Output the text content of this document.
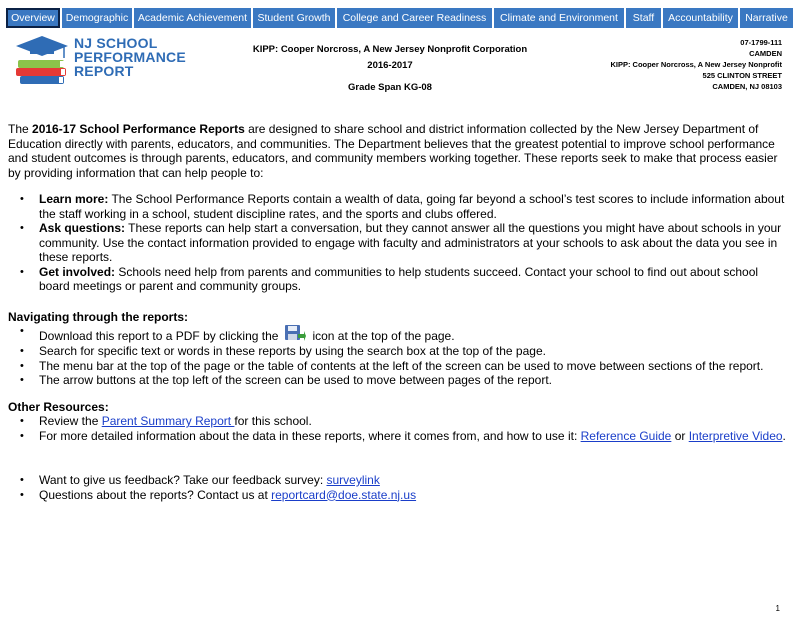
Overview	Demographic Academic Achievement Student Growth	College and Career Readiness	Climate and Environment	Staff	Accountability	Narrative
NJ SCHOOL
PERFORMANCE
REPORT
KIPP: Cooper Norcross, A New Jersey Nonprofit Corporation
2016-2017
Grade Span KG-08
07-1799-111
CAMDEN
KIPP: Cooper Norcross, A New Jersey Nonprofit
525 CLINTON STREET
CAMDEN, NJ 08103

The 2016-17 School Performance Reports are designed to share school and district information collected by the New Jersey Department of Education directly with parents, educators, and communities. The Department believes that the greatest potential to improve school performance and student outcomes is through parents, educators, and community members working together. These reports seek to make that process easier by providing information that can help people to:

• Learn more: The School Performance Reports contain a wealth of data, going far beyond a school’s test scores to include information about the staff working in a school, student discipline rates, and the sports and clubs offered.
• Ask questions: These reports can help start a conversation, but they cannot answer all the questions you might have about schools in your community. Use the contact information provided to engage with faculty and administrators at your schools to ask about the data you see in these reports.
• Get involved: Schools need help from parents and communities to help students succeed. Contact your school to find out about school board meetings or parent and community groups.
Navigating through the reports:
• Download this report to a PDF by clicking the	icon at the top of the page.
• Search for specific text or words in these reports by using the search box at the top of the page.
• The menu bar at the top of the page or the table of contents at the left of the screen can be used to move between sections of the report.
• The arrow buttons at the top left of the screen can be used to move between pages of the report.
Other Resources:
• Review the Parent Summary Report for this school.
• For more detailed information about the data in these reports, where it comes from, and how to use it: Reference Guide or Interpretive Video.
• Want to give us feedback? Take our feedback survey: surveylink
• Questions about the reports? Contact us at reportcard@doe.state.nj.us
1
